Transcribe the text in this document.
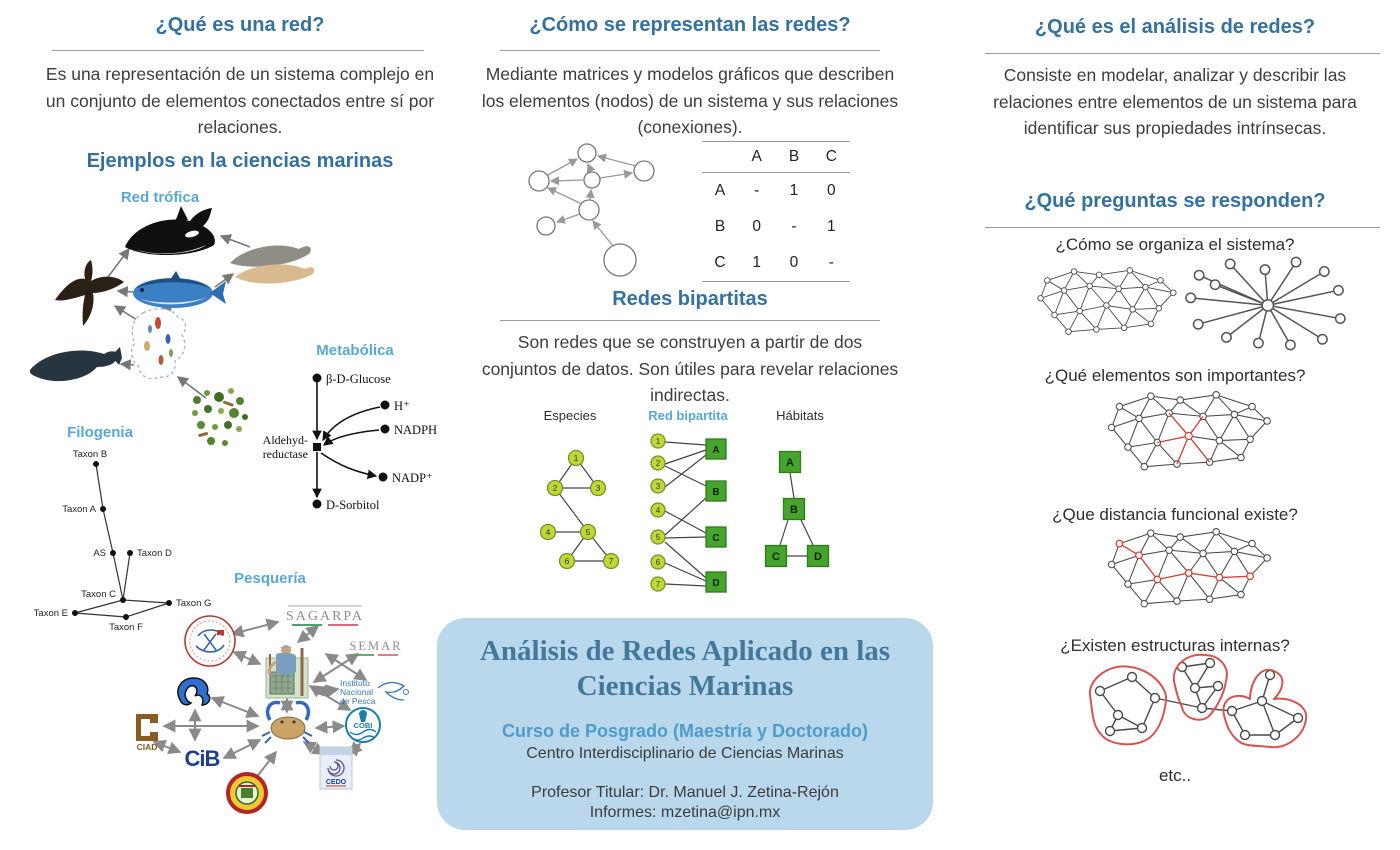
¿Qué es una red?
Es una representación de un sistema complejo en un conjunto de elementos conectados entre sí por relaciones.
Ejemplos en la ciencias marinas
Red trófica
Metabólica
β-D-Glucose
H⁺
NADPH
NADP⁺
D-Sorbitol
Aldehyd-
reductase
Filogenia
Taxon B
Taxon A
AS	Taxon D
Taxon C
Taxon E
Taxon F
Taxon G
Pesquería
SAGARPA
SEMAR
Instituto
Nacional
de Pesca
CIAD CiB
COBI
CEDO
¿Cómo se representan las redes?
Mediante matrices y modelos gráficos que describen los elementos (nodos) de un sistema y sus relaciones (conexiones).
A	B	C
A	-	1	0
B	0	-	1
C	1	0	-
Redes bipartitas
Son redes que se construyen a partir de dos conjuntos de datos. Son útiles para revelar relaciones indirectas.
Especies	Red bipartita	Hábitats
1
2	3
4	5
6	7
1
2
3
4
5
6
7
A
B
C
D
A
B
C	D
Análisis de Redes Aplicado en las Ciencias Marinas
Curso de Posgrado (Maestría y Doctorado)
Centro Interdisciplinario de Ciencias Marinas
Profesor Titular: Dr. Manuel J. Zetina-Rejón
Informes: mzetina@ipn.mx
¿Qué es el análisis de redes?
Consiste en modelar, analizar y describir las relaciones entre elementos de un sistema para identificar sus propiedades intrínsecas.
¿Qué preguntas se responden?
¿Cómo se organiza el sistema?
¿Qué elementos son importantes?
¿Que distancia funcional existe?
¿Existen estructuras internas?
etc..
